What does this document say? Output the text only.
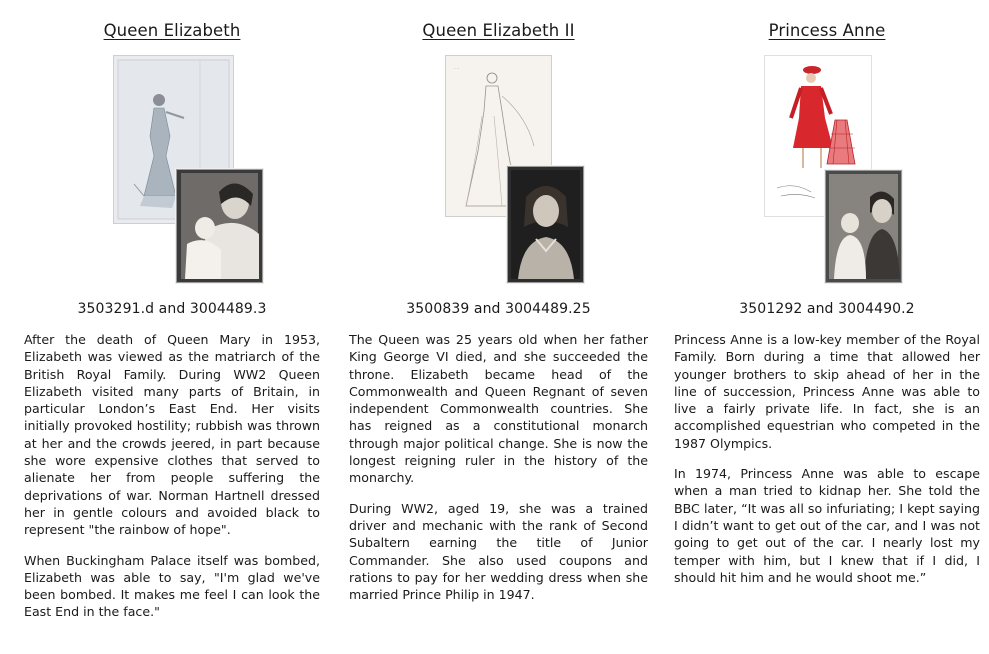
Queen Elizabeth
3503291.d and 3004489.3

After the death of Queen Mary in 1953, Elizabeth was viewed as the matriarch of the British Royal Family. During WW2 Queen Elizabeth visited many parts of Britain, in particular London’s East End. Her visits initially provoked hostility; rubbish was thrown at her and the crowds jeered, in part because she wore expensive clothes that served to alienate her from people suffering the deprivations of war. Norman Hartnell dressed her in gentle colours and avoided black to represent "the rainbow of hope".

When Buckingham Palace itself was bombed, Elizabeth was able to say, "I'm glad we've been bombed. It makes me feel I can look the East End in the face."

Queen Elizabeth II
· ·
3500839 and 3004489.25

The Queen was 25 years old when her father King George VI died, and she succeeded the throne. Elizabeth became head of the Commonwealth and Queen Regnant of seven independent Commonwealth countries. She has reigned as a constitutional monarch through major political change. She is now the longest reigning ruler in the history of the monarchy.

During WW2, aged 19, she was a trained driver and mechanic with the rank of Second Subaltern earning the title of Junior Commander. She also used coupons and rations to pay for her wedding dress when she married Prince Philip in 1947.

Princess Anne
3501292 and 3004490.2

Princess Anne is a low-key member of the Royal Family. Born during a time that allowed her younger brothers to skip ahead of her in the line of succession, Princess Anne was able to live a fairly private life. In fact, she is an accomplished equestrian who competed in the 1987 Olympics.

In 1974, Princess Anne was able to escape when a man tried to kidnap her. She told the BBC later, “It was all so infuriating; I kept saying I didn’t want to get out of the car, and I was not going to get out of the car. I nearly lost my temper with him, but I knew that if I did, I should hit him and he would shoot me.”
